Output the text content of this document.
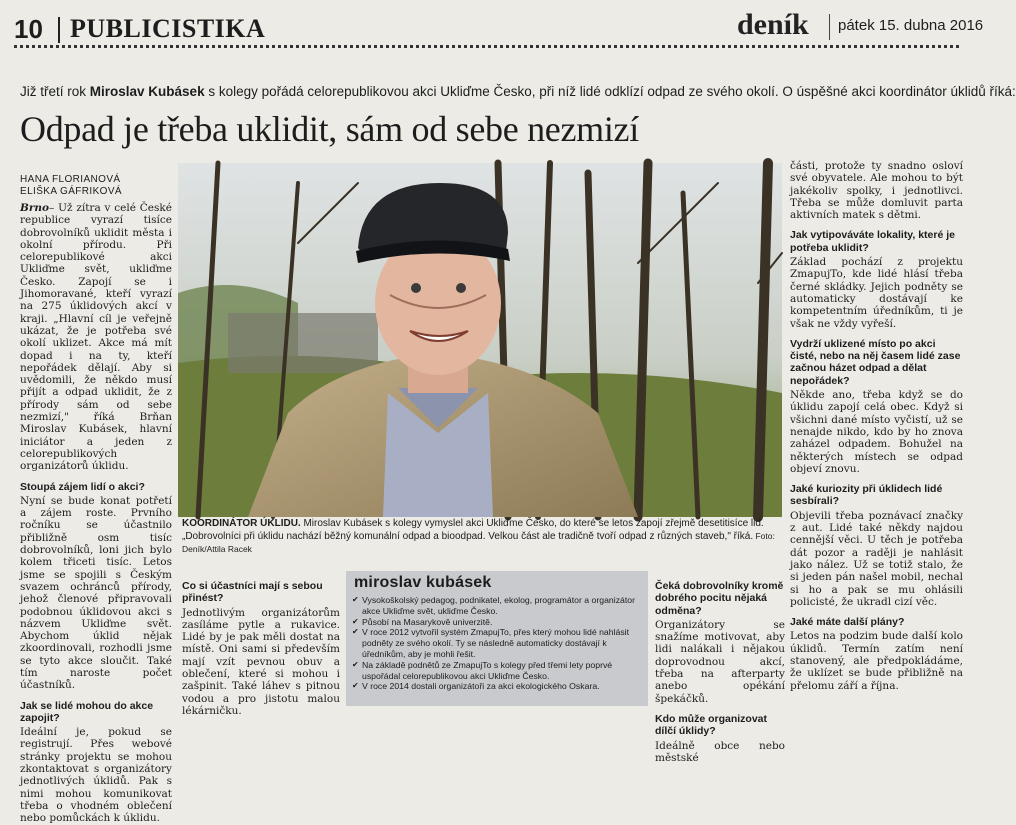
10 PUBLICISTIKA	deník pátek 15. dubna 2016
Již třetí rok Miroslav Kubásek s kolegy pořádá celorepublikovou akci Ukliďme Česko, při níž lidé odklízí odpad ze svého okolí. O úspěšné akci koordinátor úklidů říká:
Odpad je třeba uklidit, sám od sebe nezmizí
HANA FLORIANOVÁ
ELIŠKA GÁFRIKOVÁ

Brno– Už zítra v celé České republice vyrazí tisíce dobrovolníků uklidit města i okolní přírodu. Při celorepublikové akci Ukliďme svět, ukliďme Česko. Zapojí se i Jihomoravané, kteří vyrazí na 275 úklidových akcí v kraji. „Hlavní cíl je veřejně ukázat, že je potřeba své okolí uklizet. Akce má mít dopad i na ty, kteří nepořádek dělají. Aby si uvědomili, že někdo musí přijít a odpad uklidit, že z přírody sám od sebe nezmizí," říká Brňan Miroslav Kubásek, hlavní iniciátor a jeden z celorepublikových organizátorů úklidu.

Stoupá zájem lidí o akci?

Nyní se bude konat potřetí a zájem roste. Prvního ročníku se účastnilo přibližně osm tisíc dobrovolníků, loni jich bylo kolem třiceti tisíc. Letos jsme se spojili s Českým svazem ochránců přírody, jehož členové připravovali podobnou úklidovou akci s názvem Ukliďme svět. Abychom úklid nějak zkoordinovali, rozhodli jsme se tyto akce sloučit. Také tím naroste počet účastníků.

Jak se lidé mohou do akce zapojit?

Ideální je, pokud se registrují. Přes webové stránky projektu se mohou zkontaktovat s organizátory jednotlivých úklidů. Pak s nimi mohou komunikovat třeba o vhodném oblečení nebo pomůckách k úklidu.

KOORDINÁTOR ÚKLIDU. Miroslav Kubásek s kolegy vymyslel akci Ukliďme Česko, do které se letos zapojí zřejmě desetitisíce lid. „Dobrovolníci při úklidu nachází běžný komunální odpad a bioodpad. Velkou část ale tradičně tvoří odpad z různých staveb," říká. Foto: Deník/Attila Racek
Co si účastníci mají s sebou přinést?

Jednotlivým organizátorům zasíláme pytle a rukavice. Lidé by je pak měli dostat na místě. Oni sami si především mají vzít pevnou obuv a oblečení, které si mohou i zašpinit. Také láhev s pitnou vodou a pro jistotu malou lékárničku.

miroslav kubásek
✔ Vysokoškolský pedagog, podnikatel, ekolog, programátor a organizátor akce Ukliďme svět, ukliďme Česko.
✔ Působí na Masarykově univerzitě.
✔ V roce 2012 vytvořil systém ZmapujTo, přes který mohou lidé nahlásit podněty ze svého okolí. Ty se následně automaticky dostávají k úředníkům, aby je mohli řešit.
✔ Na základě podnětů ze ZmapujTo s kolegy před třemi lety poprvé uspořádal celorepublikovou akci Ukliďme Česko.
✔ V roce 2014 dostali organizátoři za akci ekologického Oskara.
Čeká dobrovolníky kromě dobrého pocitu nějaká odměna?

Organizátory se snažíme motivovat, aby lidi nalákali i nějakou doprovodnou akcí, třeba na afterparty anebo opékání špekáčků.

Kdo může organizovat dílčí úklidy?

Ideálně obce nebo městské

části, protože ty snadno osloví své obyvatele. Ale mohou to být jakékoliv spolky, i jednotlivci. Třeba se může domluvit parta aktivních matek s dětmi.

Jak vytipováváte lokality, které je potřeba uklidit?

Základ pochází z projektu ZmapujTo, kde lidé hlásí třeba černé skládky. Jejich podněty se automaticky dostávají ke kompetentním úředníkům, ti je však ne vždy vyřeší.

Vydrží uklizené místo po akci čisté, nebo na něj časem lidé zase začnou házet odpad a dělat nepořádek?

Někde ano, třeba když se do úklidu zapojí celá obec. Když si všichni dané místo vyčistí, už se nenajde nikdo, kdo by ho znova zaházel odpadem. Bohužel na některých místech se odpad objeví znovu.

Jaké kuriozity při úklidech lidé sesbírali?

Objevili třeba poznávací značky z aut. Lidé také někdy najdou cennější věci. U těch je potřeba dát pozor a raději je nahlásit jako nález. Už se totiž stalo, že si jeden pán našel mobil, nechal si ho a pak se mu ohlásili policisté, že ukradl cizí věc.

Jaké máte další plány?

Letos na podzim bude další kolo úklidů. Termín zatím není stanovený, ale předpokládáme, že uklízet se bude přibližně na přelomu září a října.
